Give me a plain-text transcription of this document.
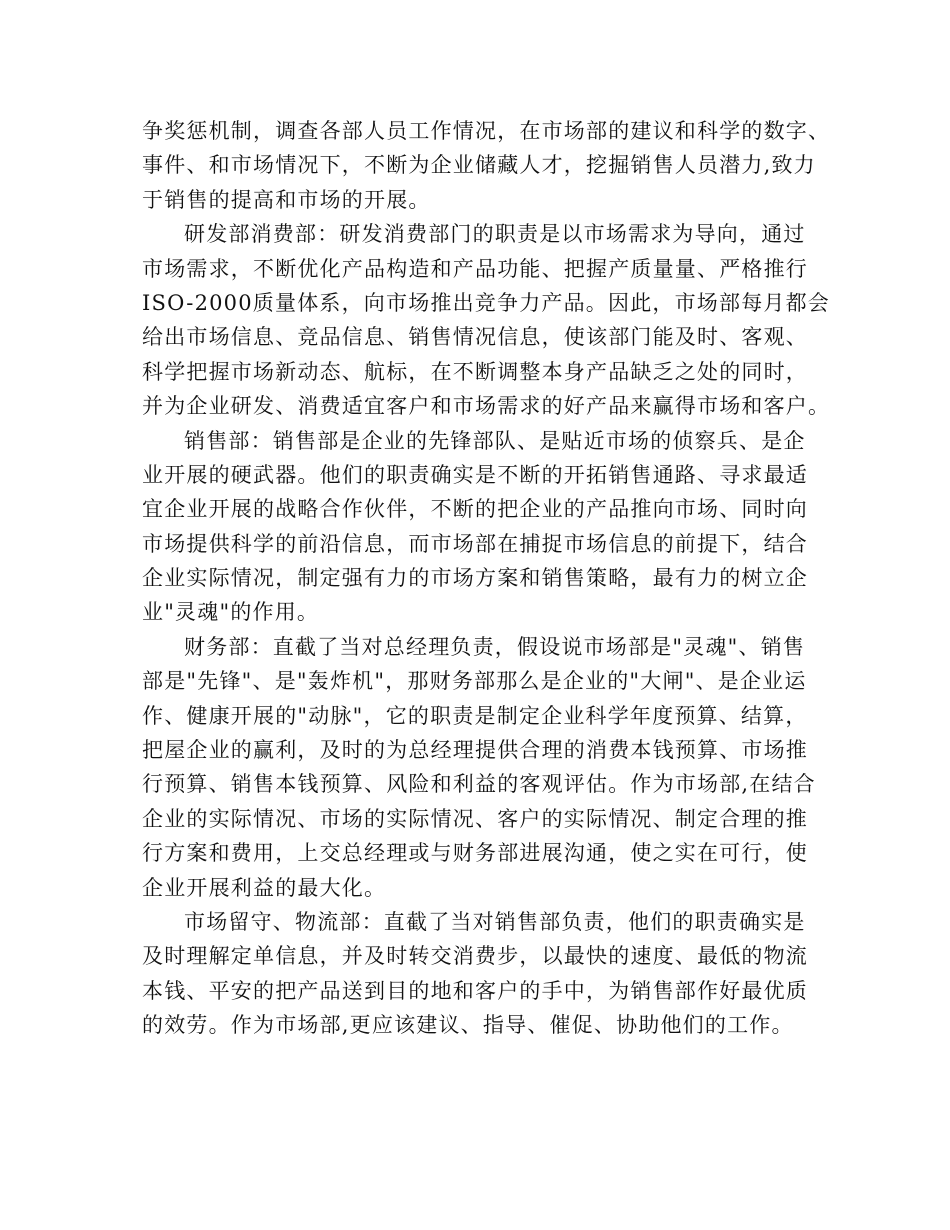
争奖惩机制，调查各部人员工作情况，在市场部的建议和科学的数字、
事件、和市场情况下，不断为企业储藏人才，挖掘销售人员潜力,致力
于销售的提高和市场的开展。
研发部消费部：研发消费部门的职责是以市场需求为导向，通过
市场需求，不断优化产品构造和产品功能、把握产质量量、严格推行
ISO-2000质量体系，向市场推出竞争力产品。因此，市场部每月都会
给出市场信息、竞品信息、销售情况信息，使该部门能及时、客观、
科学把握市场新动态、航标，在不断调整本身产品缺乏之处的同时，
并为企业研发、消费适宜客户和市场需求的好产品来赢得市场和客户。
销售部：销售部是企业的先锋部队、是贴近市场的侦察兵、是企
业开展的硬武器。他们的职责确实是不断的开拓销售通路、寻求最适
宜企业开展的战略合作伙伴，不断的把企业的产品推向市场、同时向
市场提供科学的前沿信息，而市场部在捕捉市场信息的前提下，结合
企业实际情况，制定强有力的市场方案和销售策略，最有力的树立企
业"灵魂"的作用。
财务部：直截了当对总经理负责，假设说市场部是"灵魂"、销售
部是"先锋"、是"轰炸机"，那财务部那么是企业的"大闸"、是企业运
作、健康开展的"动脉"，它的职责是制定企业科学年度预算、结算，
把屋企业的赢利，及时的为总经理提供合理的消费本钱预算、市场推
行预算、销售本钱预算、风险和利益的客观评估。作为市场部,在结合
企业的实际情况、市场的实际情况、客户的实际情况、制定合理的推
行方案和费用，上交总经理或与财务部进展沟通，使之实在可行，使
企业开展利益的最大化。
市场留守、物流部：直截了当对销售部负责，他们的职责确实是
及时理解定单信息，并及时转交消费步，以最快的速度、最低的物流
本钱、平安的把产品送到目的地和客户的手中，为销售部作好最优质
的效劳。作为市场部,更应该建议、指导、催促、协助他们的工作。
